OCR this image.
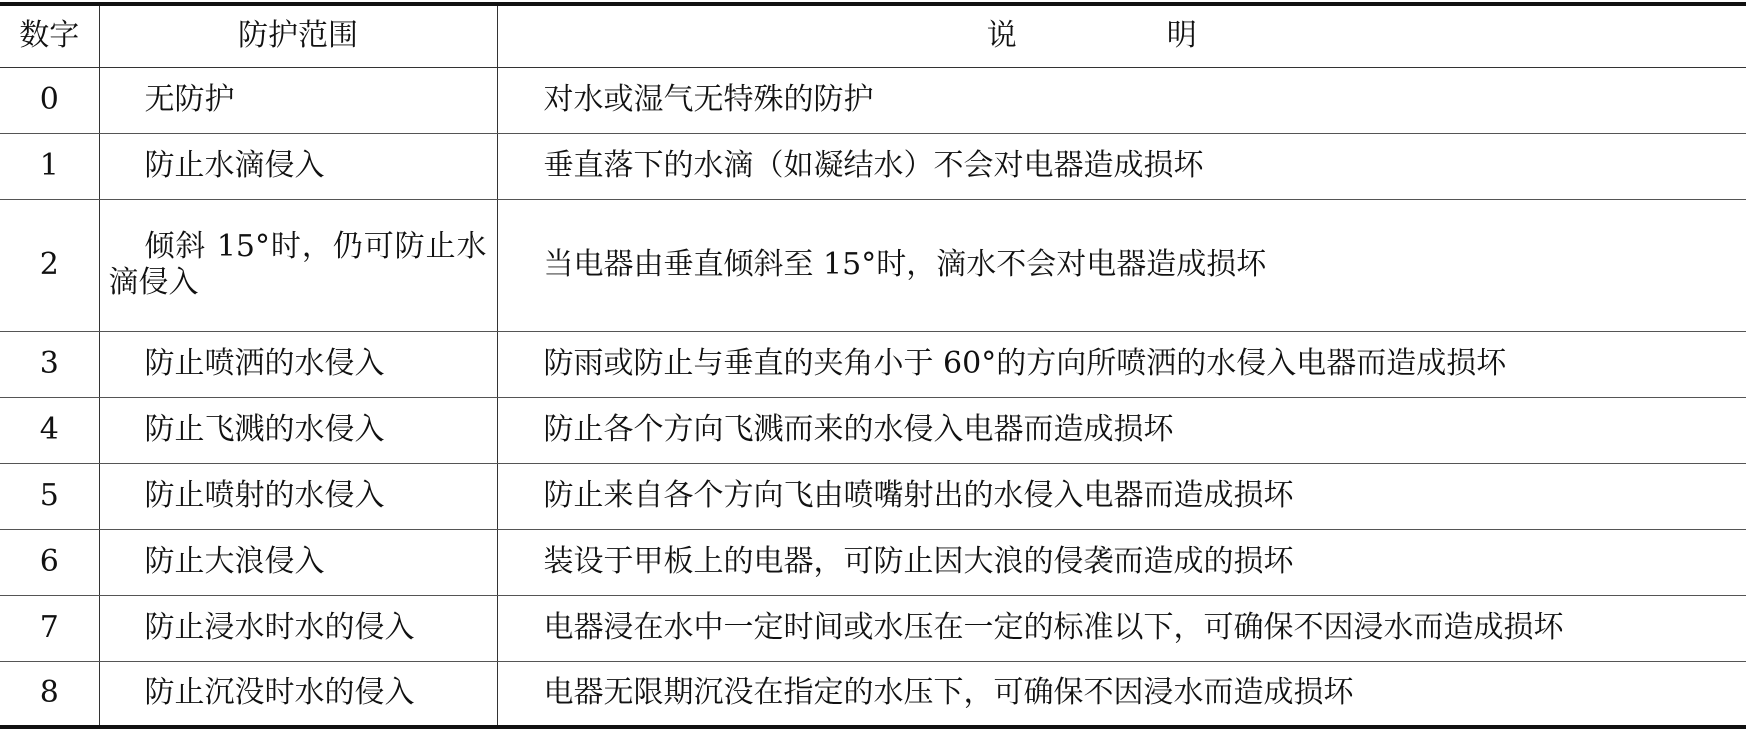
数字	防护范围	说　明
0	无防护	对水或湿气无特殊的防护
1	防止水滴侵入	垂直落下的水滴（如凝结水）不会对电器造成损坏
2	倾斜 15°时，仍可防止水滴侵入	当电器由垂直倾斜至 15°时，滴水不会对电器造成损坏
3	防止喷洒的水侵入	防雨或防止与垂直的夹角小于 60°的方向所喷洒的水侵入电器而造成损坏
4	防止飞溅的水侵入	防止各个方向飞溅而来的水侵入电器而造成损坏
5	防止喷射的水侵入	防止来自各个方向飞由喷嘴射出的水侵入电器而造成损坏
6	防止大浪侵入	装设于甲板上的电器，可防止因大浪的侵袭而造成的损坏
7	防止浸水时水的侵入	电器浸在水中一定时间或水压在一定的标准以下，可确保不因浸水而造成损坏
8	防止沉没时水的侵入	电器无限期沉没在指定的水压下，可确保不因浸水而造成损坏
